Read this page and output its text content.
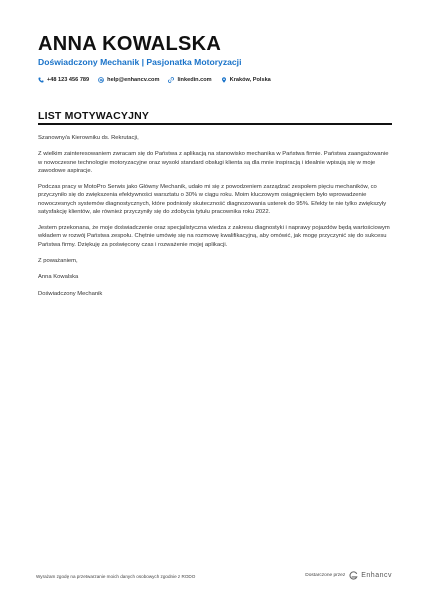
ANNA KOWALSKA
Doświadczony Mechanik | Pasjonatka Motoryzacji
+48 123 456 789	help@enhancv.com	linkedin.com	Kraków, Polska
LIST MOTYWACYJNY

Szanowny/a Kierowniku ds. Rekrutacji,

Z wielkim zainteresowaniem zwracam się do Państwa z aplikacją na stanowisko mechanika w Państwa firmie. Państwa zaangażowanie w nowoczesne technologie motoryzacyjne oraz wysoki standard obsługi klienta są dla mnie inspiracją i idealnie wpisują się w moje zawodowe aspiracje.

Podczas pracy w MotoPro Serwis jako Główny Mechanik, udało mi się z powodzeniem zarządzać zespołem pięciu mechaników, co przyczyniło się do zwiększenia efektywności warsztatu o 30% w ciągu roku. Moim kluczowym osiągnięciem było wprowadzenie nowoczesnych systemów diagnostycznych, które podniosły skuteczność diagnozowania usterek do 95%. Efekty te nie tylko zwiększyły satysfakcję klientów, ale również przyczyniły się do zdobycia tytułu pracownika roku 2022.

Jestem przekonana, że moje doświadczenie oraz specjalistyczna wiedza z zakresu diagnostyki i naprawy pojazdów będą wartościowym wkładem w rozwój Państwa zespołu. Chętnie umówię się na rozmowę kwalifikacyjną, aby omówić, jak mogę przyczynić się do sukcesu Państwa firmy. Dziękuję za poświęcony czas i rozważenie mojej aplikacji.

Z poważaniem,

Anna Kowalska

Doświadczony Mechanik

Wyrażam zgodę na przetwarzanie moich danych osobowych zgodnie z RODO	Dostarczone przez Enhancv
